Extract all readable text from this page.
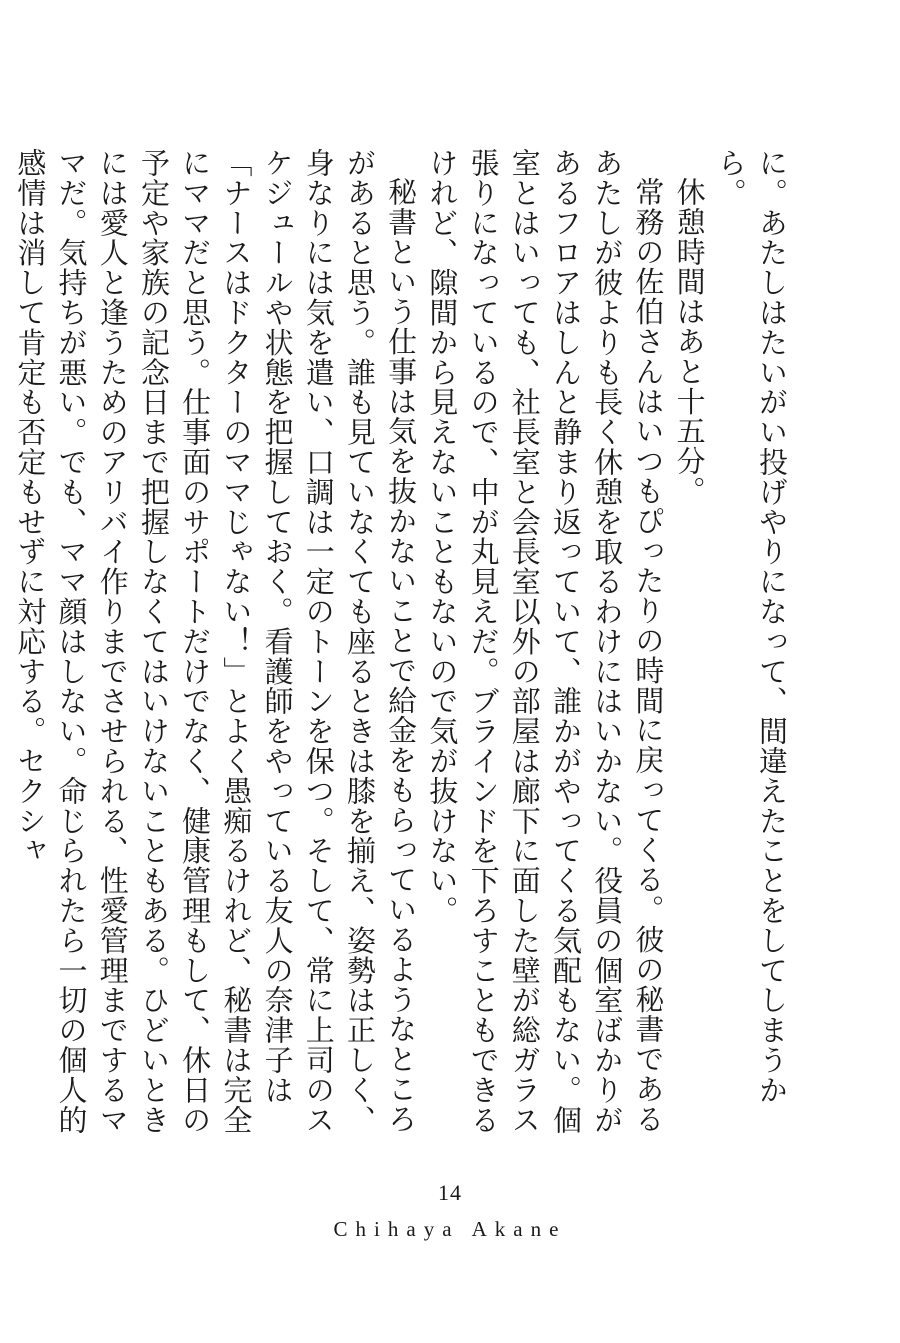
に。あたしはたいがい投げやりになって、間違えたことをしてしまうから。

休憩時間はあと十五分。

常務の佐伯さんはいつもぴったりの時間に戻ってくる。彼の秘書であるあたしが彼よりも長く休憩を取るわけにはいかない。役員の個室ばかりがあるフロアはしんと静まり返っていて、誰かがやってくる気配もない。個室とはいっても、社長室と会長室以外の部屋は廊下に面した壁が総ガラス張りになっているので、中が丸見えだ。ブラインドを下ろすこともできるけれど、隙間から見えないこともないので気が抜けない。

秘書という仕事は気を抜かないことで給金をもらっているようなところがあると思う。誰も見ていなくても座るときは膝を揃え、姿勢は正しく、身なりには気を遣い、口調は一定のトーンを保つ。そして、常に上司のスケジュールや状態を把握しておく。看護師をやっている友人の奈津子は「ナースはドクターのママじゃない！」とよく愚痴るけれど、秘書は完全にママだと思う。仕事面のサポートだけでなく、健康管理もして、休日の予定や家族の記念日まで把握しなくてはいけないこともある。ひどいときには愛人と逢うためのアリバイ作りまでさせられる、性愛管理までするママだ。気持ちが悪い。でも、ママ顔はしない。命じられたら一切の個人的感情は消して肯定も否定もせずに対応する。セクシャ

14
Chihaya Akane
